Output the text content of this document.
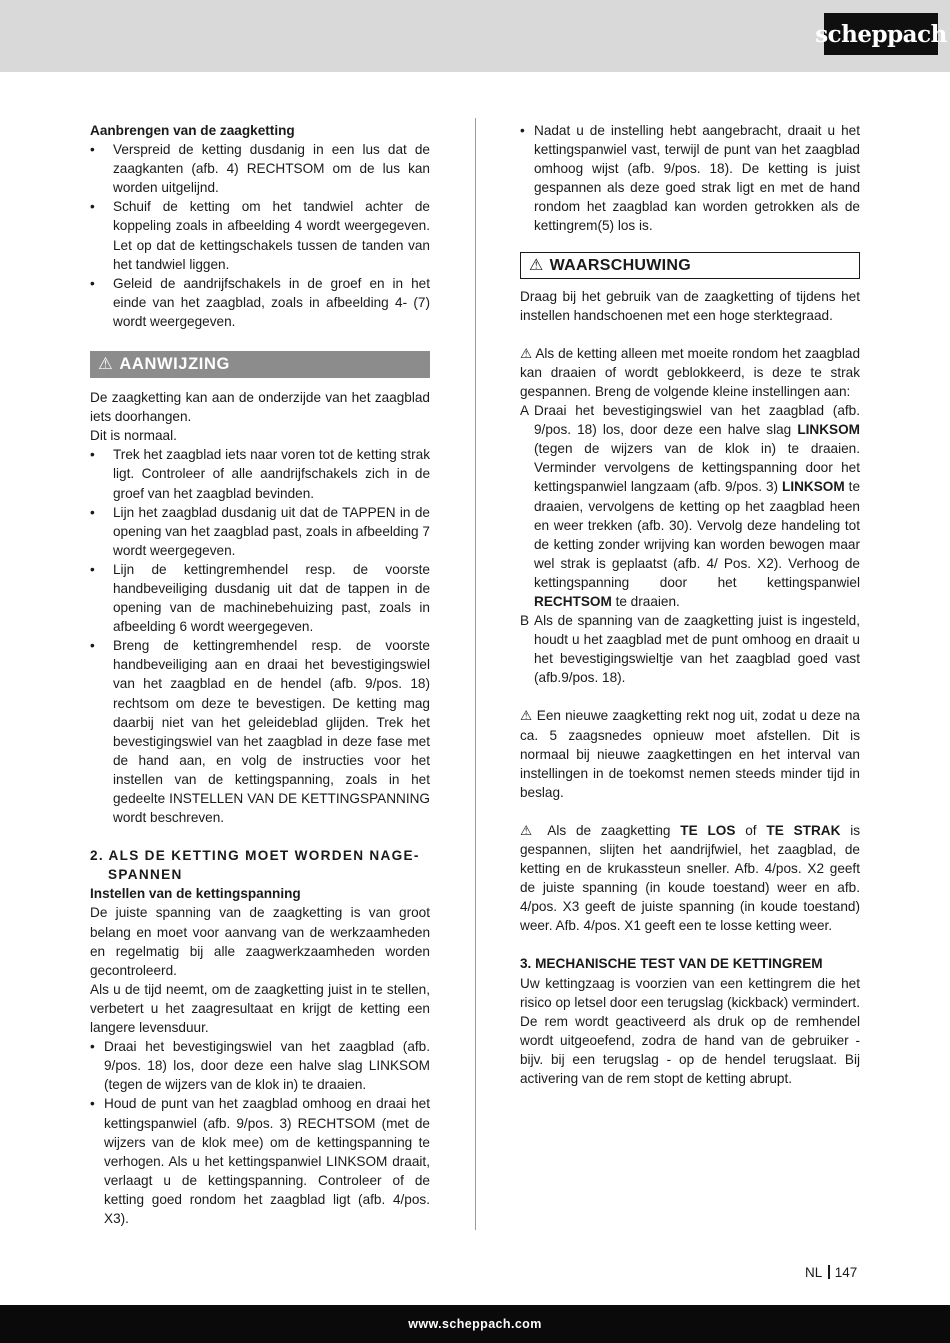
scheppach

Aanbrengen van de zaagketting

• Verspreid de ketting dusdanig in een lus dat de zaagkanten (afb. 4) RECHTSOM om de lus kan worden uitgelijnd.
• Schuif de ketting om het tandwiel achter de koppeling zoals in afbeelding 4 wordt weergegeven. Let op dat de kettingschakels tussen de tanden van het tandwiel liggen.
• Geleid de aandrijfschakels in de groef en in het einde van het zaagblad, zoals in afbeelding 4- (7) wordt weergegeven.
⚠ AANWIJZING

De zaagketting kan aan de onderzijde van het zaagblad iets doorhangen.

Dit is normaal.

• Trek het zaagblad iets naar voren tot de ketting strak ligt. Controleer of alle aandrijfschakels zich in de groef van het zaagblad bevinden.
• Lijn het zaagblad dusdanig uit dat de TAPPEN in de opening van het zaagblad past, zoals in afbeelding 7 wordt weergegeven.
• Lijn de kettingremhendel resp. de voorste handbeveiliging dusdanig uit dat de tappen in de opening van de machinebehuizing past, zoals in afbeelding 6 wordt weergegeven.
• Breng de kettingremhendel resp. de voorste handbeveiliging aan en draai het bevestigingswiel van het zaagblad en de hendel (afb. 9/pos. 18) rechtsom om deze te bevestigen. De ketting mag daarbij niet van het geleideblad glijden. Trek het bevestigingswiel van het zaagblad in deze fase met de hand aan, en volg de instructies voor het instellen van de kettingspanning, zoals in het gedeelte INSTELLEN VAN DE KETTINGSPANNING wordt beschreven.

2. ALS DE KETTING MOET WORDEN NAGE-
SPANNEN

Instellen van de kettingspanning

De juiste spanning van de zaagketting is van groot belang en moet voor aanvang van de werkzaamheden en regelmatig bij alle zaagwerkzaamheden worden gecontroleerd.

Als u de tijd neemt, om de zaagketting juist in te stellen, verbetert u het zaagresultaat en krijgt de ketting een langere levensduur.

• Draai het bevestigingswiel van het zaagblad (afb. 9/pos. 18) los, door deze een halve slag LINKSOM (tegen de wijzers van de klok in) te draaien.
• Houd de punt van het zaagblad omhoog en draai het kettingspanwiel (afb. 9/pos. 3) RECHTSOM (met de wijzers van de klok mee) om de kettingspanning te verhogen. Als u het kettingspanwiel LINKSOM draait, verlaagt u de kettingspanning. Controleer of de ketting goed rondom het zaagblad ligt (afb. 4/pos. X3).
• Nadat u de instelling hebt aangebracht, draait u het kettingspanwiel vast, terwijl de punt van het zaagblad omhoog wijst (afb. 9/pos. 18). De ketting is juist gespannen als deze goed strak ligt en met de hand rondom het zaagblad kan worden getrokken als de kettingrem(5) los is.
⚠ WAARSCHUWING

Draag bij het gebruik van de zaagketting of tijdens het instellen handschoenen met een hoge sterktegraad.

⚠ Als de ketting alleen met moeite rondom het zaagblad kan draaien of wordt geblokkeerd, is deze te strak gespannen. Breng de volgende kleine instellingen aan:

A Draai het bevestigingswiel van het zaagblad (afb. 9/pos. 18) los, door deze een halve slag LINKSOM (tegen de wijzers van de klok in) te draaien. Verminder vervolgens de kettingspanning door het kettingspanwiel langzaam (afb. 9/pos. 3) LINKSOM te draaien, vervolgens de ketting op het zaagblad heen en weer trekken (afb. 30). Vervolg deze handeling tot de ketting zonder wrijving kan worden bewogen maar wel strak is geplaatst (afb. 4/ Pos. X2). Verhoog de kettingspanning door het kettingspanwiel RECHTSOM te draaien.
B Als de spanning van de zaagketting juist is ingesteld, houdt u het zaagblad met de punt omhoog en draait u het bevestigingswieltje van het zaagblad goed vast (afb.9/pos. 18).

⚠ Een nieuwe zaagketting rekt nog uit, zodat u deze na ca. 5 zaagsnedes opnieuw moet afstellen. Dit is normaal bij nieuwe zaagkettingen en het interval van instellingen in de toekomst nemen steeds minder tijd in beslag.

⚠ Als de zaagketting TE LOS of TE STRAK is gespannen, slijten het aandrijfwiel, het zaagblad, de ketting en de krukassteun sneller. Afb. 4/pos. X2 geeft de juiste spanning (in koude toestand) weer en afb. 4/pos. X3 geeft de juiste spanning (in koude toestand) weer. Afb. 4/pos. X1 geeft een te losse ketting weer.

3. MECHANISCHE TEST VAN DE KETTINGREM

Uw kettingzaag is voorzien van een kettingrem die het risico op letsel door een terugslag (kickback) vermindert. De rem wordt geactiveerd als druk op de remhendel wordt uitgeoefend, zodra de hand van de gebruiker - bijv. bij een terugslag - op de hendel terugslaat. Bij activering van de rem stopt de ketting abrupt.

NL 147
www.scheppach.com
